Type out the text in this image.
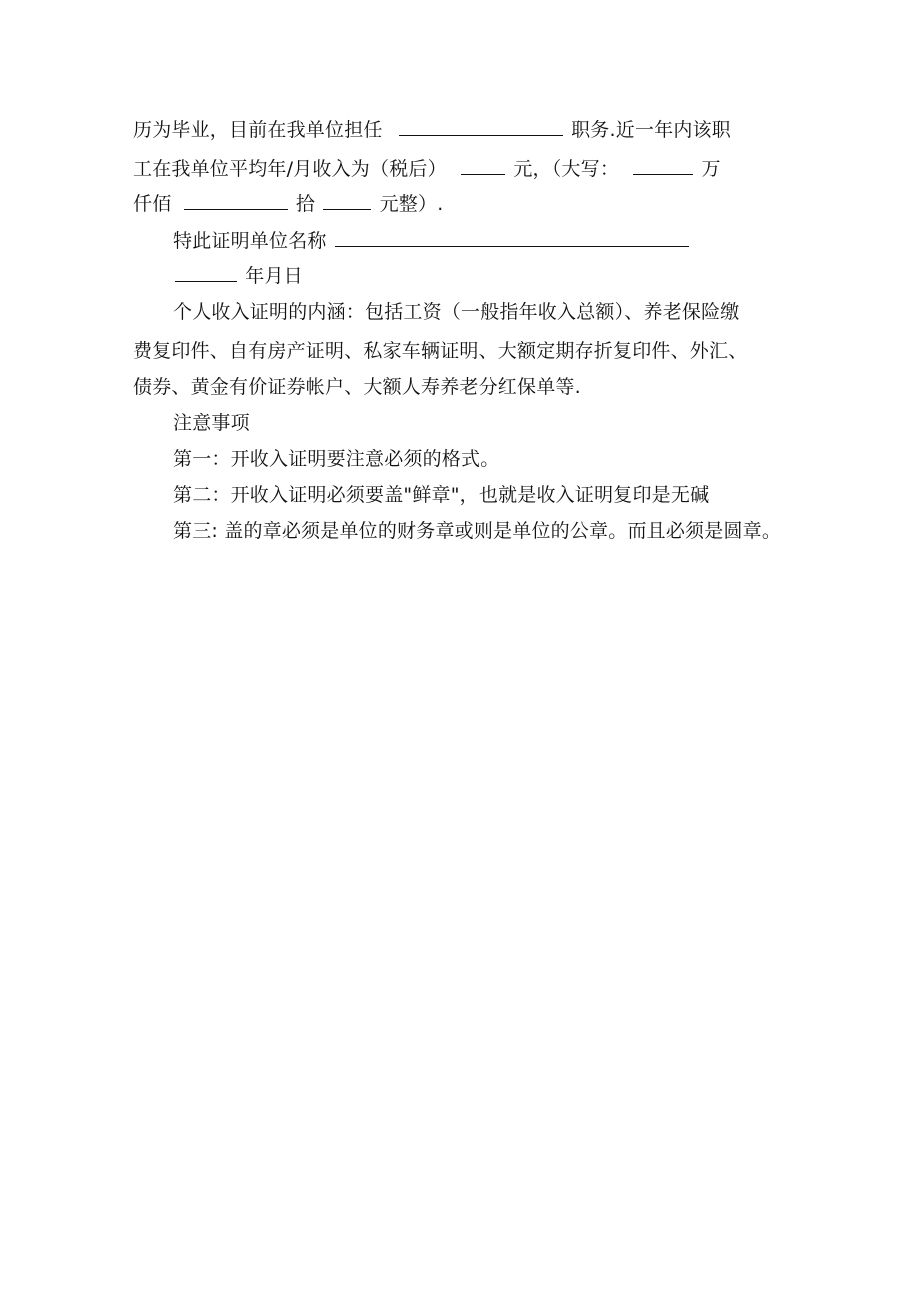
历为毕业，目前在我单位担任	职务.近一年内该职
工在我单位平均年/月收入为（税后）	元，（大写：	万
仟佰	拾	元整）.
特此证明单位名称
年月日
个人收入证明的内涵：包括工资（一般指年收入总额）、养老保险缴
费复印件、自有房产证明、私家车辆证明、大额定期存折复印件、外汇、
债券、黄金有价证券帐户、大额人寿养老分红保单等.
注意事项
第一：开收入证明要注意必须的格式。
第二：开收入证明必须要盖"鲜章"，也就是收入证明复印是无碱
第三: 盖的章必须是单位的财务章或则是单位的公章。而且必须是圆章。
